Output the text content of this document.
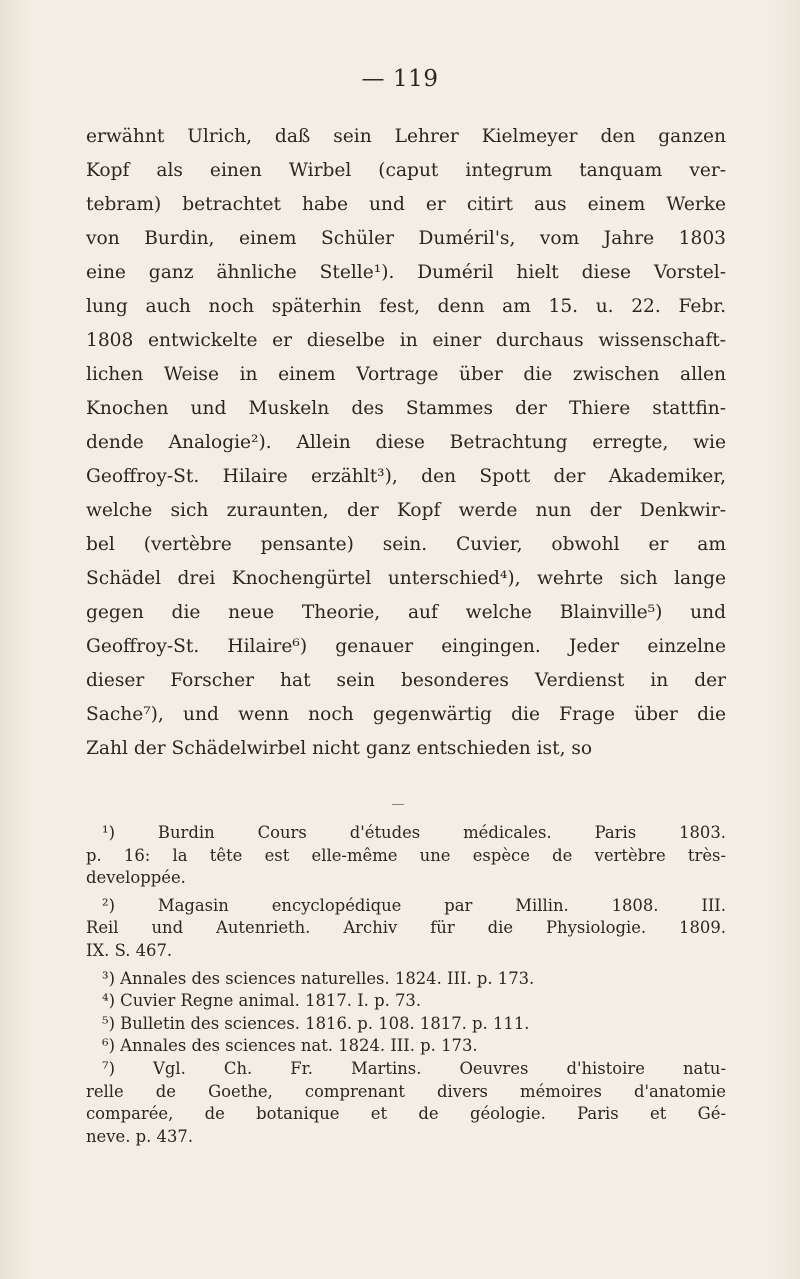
— 119
erwähnt Ulrich, daß sein Lehrer Kielmeyer den ganzen
Kopf als einen Wirbel (caput integrum tanquam ver-
tebram) betrachtet habe und er citirt aus einem Werke
von Burdin, einem Schüler Duméril's, vom Jahre 1803
eine ganz ähnliche Stelle¹). Duméril hielt diese Vorstel-
lung auch noch späterhin fest, denn am 15. u. 22. Febr.
1808 entwickelte er dieselbe in einer durchaus wissenschaft-
lichen Weise in einem Vortrage über die zwischen allen
Knochen und Muskeln des Stammes der Thiere stattfin-
dende Analogie²). Allein diese Betrachtung erregte, wie
Geoffroy-St. Hilaire erzählt³), den Spott der Akademiker,
welche sich zuraunten, der Kopf werde nun der Denkwir-
bel (vertèbre pensante) sein. Cuvier, obwohl er am
Schädel drei Knochengürtel unterschied⁴), wehrte sich lange
gegen die neue Theorie, auf welche Blainville⁵) und
Geoffroy-St. Hilaire⁶) genauer eingingen. Jeder einzelne
dieser Forscher hat sein besonderes Verdienst in der
Sache⁷), und wenn noch gegenwärtig die Frage über die
Zahl der Schädelwirbel nicht ganz entschieden ist, so
¹) Burdin Cours d'études médicales. Paris 1803.
p. 16: la tête est elle-même une espèce de vertèbre très-
developpée.
²) Magasin encyclopédique par Millin. 1808. III.
Reil und Autenrieth. Archiv für die Physiologie. 1809.
IX. S. 467.
³) Annales des sciences naturelles. 1824. III. p. 173.
⁴) Cuvier Regne animal. 1817. I. p. 73.
⁵) Bulletin des sciences. 1816. p. 108. 1817. p. 111.
⁶) Annales des sciences nat. 1824. III. p. 173.
⁷) Vgl. Ch. Fr. Martins. Oeuvres d'histoire natu-
relle de Goethe, comprenant divers mémoires d'anatomie
comparée, de botanique et de géologie. Paris et Gé-
neve. p. 437.
